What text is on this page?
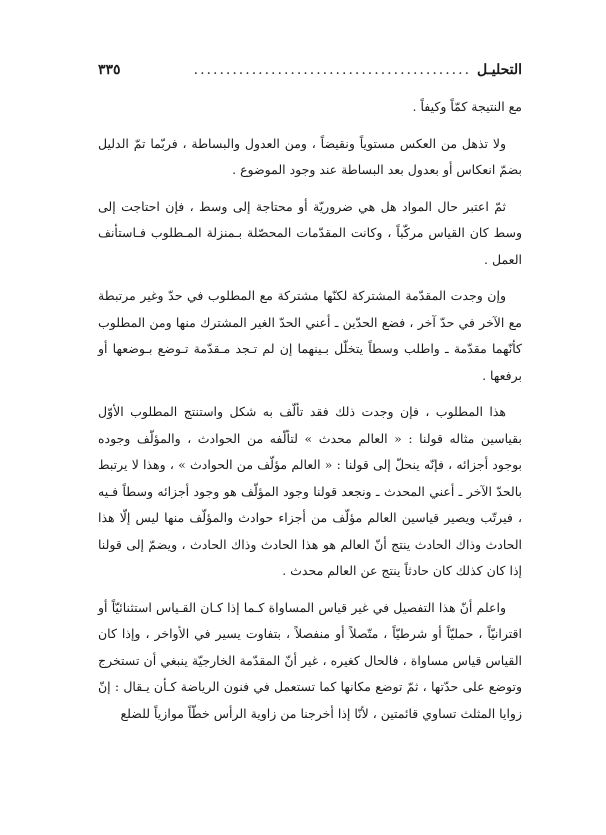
التحليـل
...........................................
٣٣٥

مع النتيجة كمّاً وكيفاً .

ولا تذهل من العكس مستوياً ونقيضاً ، ومن العدول والبساطة ، فربّما تمّ الدليل بضمّ انعكاس أو بعدول بعد البساطة عند وجود الموضوع .

ثمّ اعتبر حال المواد هل هي ضروريّة أو محتاجة إلى وسط ، فإن احتاجت إلى وسط كان القياس مركّباً ، وكانت المقدّمات المحصّلة بـمنزلة المـطلوب فـاستأنف العمل .

وإن وجدت المقدّمة المشتركة لكنّها مشتركة مع المطلوب في حدّ وغير مرتبطة مع الآخر في حدّ آخر ، فضع الحدّين ـ أعني الحدّ الغير المشترك منها ومن المطلوب كأنّهما مقدّمة ـ واطلب وسطاً يتخلّل بـينهما إن لم تـجد مـقدّمة تـوضع بـوضعها أو برفعها .

هذا المطلوب ، فإن وجدت ذلك فقد تألّف به شكل واستنتج المطلوب الأوّل بقياسين مثاله قولنا : « العالم محدث » لتألّفه من الحوادث ، والمؤلّف وجوده بوجود أجزائه ، فإنّه ينحلّ إلى قولنا : « العالم مؤلّف من الحوادث » ، وهذا لا يرتبط بالحدّ الآخر ـ أعني المحدث ـ ونجعد قولنا وجود المؤلّف هو وجود أجزائه وسطاً فـيه ، فيرتّب ويصير قياسين العالم مؤلّف من أجزاء حوادث والمؤلّف منها ليس إلّا هذا الحادث وذاك الحادث ينتج أنّ العالم هو هذا الحادث وذاك الحادث ، ويضمّ إلى قولنا إذا كان كذلك كان حادثاً ينتج عن العالم محدث .

واعلم أنّ هذا التفصيل في غير قياس المساواة كـما إذا كـان القـياس استثنائيّاً أو اقترانيّاً ، حمليّاً أو شرطيّاً ، متّصلاً أو منفصلاً ، بتفاوت يسير في الأواخر ، وإذا كان القياس قياس مساواة ، فالحال كغيره ، غير أنّ المقدّمة الخارجيّة ينبغي أن تستخرج وتوضع على حدّتها ، ثمّ توضع مكانها كما تستعمل في فنون الرياضة كـأن يـقال : إنّ زوايا المثلث تساوي قائمتين ، لأنّا إذا أخرجنا من زاوية الرأس خطّاً موازياً للضلع
